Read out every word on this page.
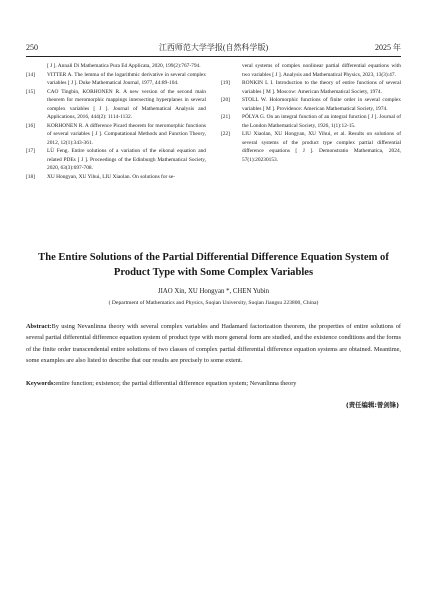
250	江西师范大学学报(自然科学版)	2025 年
[ J ]. Annali Di Mathematica Pura Ed Applicata, 2020, 199(2):767-794.
[14] VITTER A. The lemma of the logarithmic derivative in several complex variables [ J ]. Duke Mathematical Journal, 1977, 44:89-104.
[15] CAO Tingbin, KORHONEN R. A new version of the second main theorem for meromorphic mappings intersecting hyperplanes in several complex variables [ J ]. Journal of Mathematical Analysis and Applications, 2016, 444(2): 1114-1132.
[16] KORHONEN R. A difference Picard theorem for meromorphic functions of several variables [ J ]. Computational Methods and Function Theory, 2012, 12(1):343-361.
[17] LÜ Feng. Entire solutions of a variation of the eikonal equation and related PDEs [ J ]. Proceedings of the Edinburgh Mathematical Society, 2020, 63(3):697-708.
[18] XU Hongyan, XU Yihui, LIU Xiaolan. On solutions for se-
veral systems of complex nonlinear partial differential equations with two variables [ J ]. Analysis and Mathematical Physics, 2023, 13(3):47.
[19] RONKIN L I. Introduction to the theory of entire functions of several variables [ M ]. Moscow: American Mathematical Society, 1974.
[20] STOLL W. Holomorphic functions of finite order in several complex variables [ M ]. Providence: American Mathematical Society, 1974.
[21] PÓLYA G. On an integral function of an integral function [ J ]. Journal of the London Mathematical Society, 1926, 1(1):12-15.
[22] LIU Xiaolan, XU Hongyan, XU Yihui, et al. Results on solutions of several systems of the product type complex partial differential difference equations [ J ]. Demonstratio Mathematica, 2024, 57(1):20230153.
The Entire Solutions of the Partial Differential Difference Equation System of Product Type with Some Complex Variables
JIAO Xin, XU Hongyan *, CHEN Yubin
( Department of Mathematics and Physics, Suqian University, Suqian Jiangsu 223800, China)
Abstract:By using Nevanlinna theory with several complex variables and Hadamard factorization theorem, the properties of entire solutions of several partial differential difference equation system of product type with more general form are studied, and the existence conditions and the forms of the finite order transcendental entire solutions of two classes of complex partial differential difference equation systems are obtained. Meantime, some examples are also listed to describe that our results are precisely to some extent.
Keywords:entire function; existence; the partial differential difference equation system; Nevanlinna theory
(责任编辑:曾剑锋)
